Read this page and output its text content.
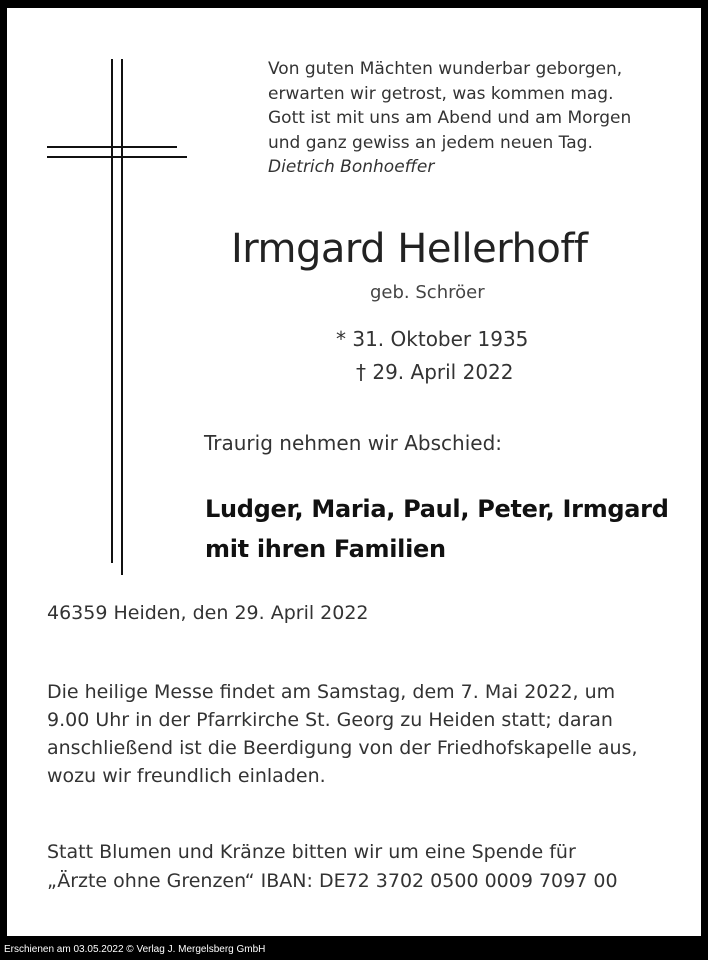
Von guten Mächten wunderbar geborgen,
erwarten wir getrost, was kommen mag.
Gott ist mit uns am Abend und am Morgen
und ganz gewiss an jedem neuen Tag.
Dietrich Bonhoeffer
Irmgard Hellerhoff
geb. Schröer
* 31. Oktober 1935
† 29. April 2022
Traurig nehmen wir Abschied:
Ludger, Maria, Paul, Peter, Irmgard
mit ihren Familien
46359 Heiden, den 29. April 2022
Die heilige Messe findet am Samstag, dem 7. Mai 2022, um
9.00 Uhr in der Pfarrkirche St. Georg zu Heiden statt; daran
anschließend ist die Beerdigung von der Friedhofskapelle aus,
wozu wir freundlich einladen.
Statt Blumen und Kränze bitten wir um eine Spende für
„Ärzte ohne Grenzen“ IBAN: DE72 3702 0500 0009 7097 00
Erschienen am 03.05.2022 © Verlag J. Mergelsberg GmbH
